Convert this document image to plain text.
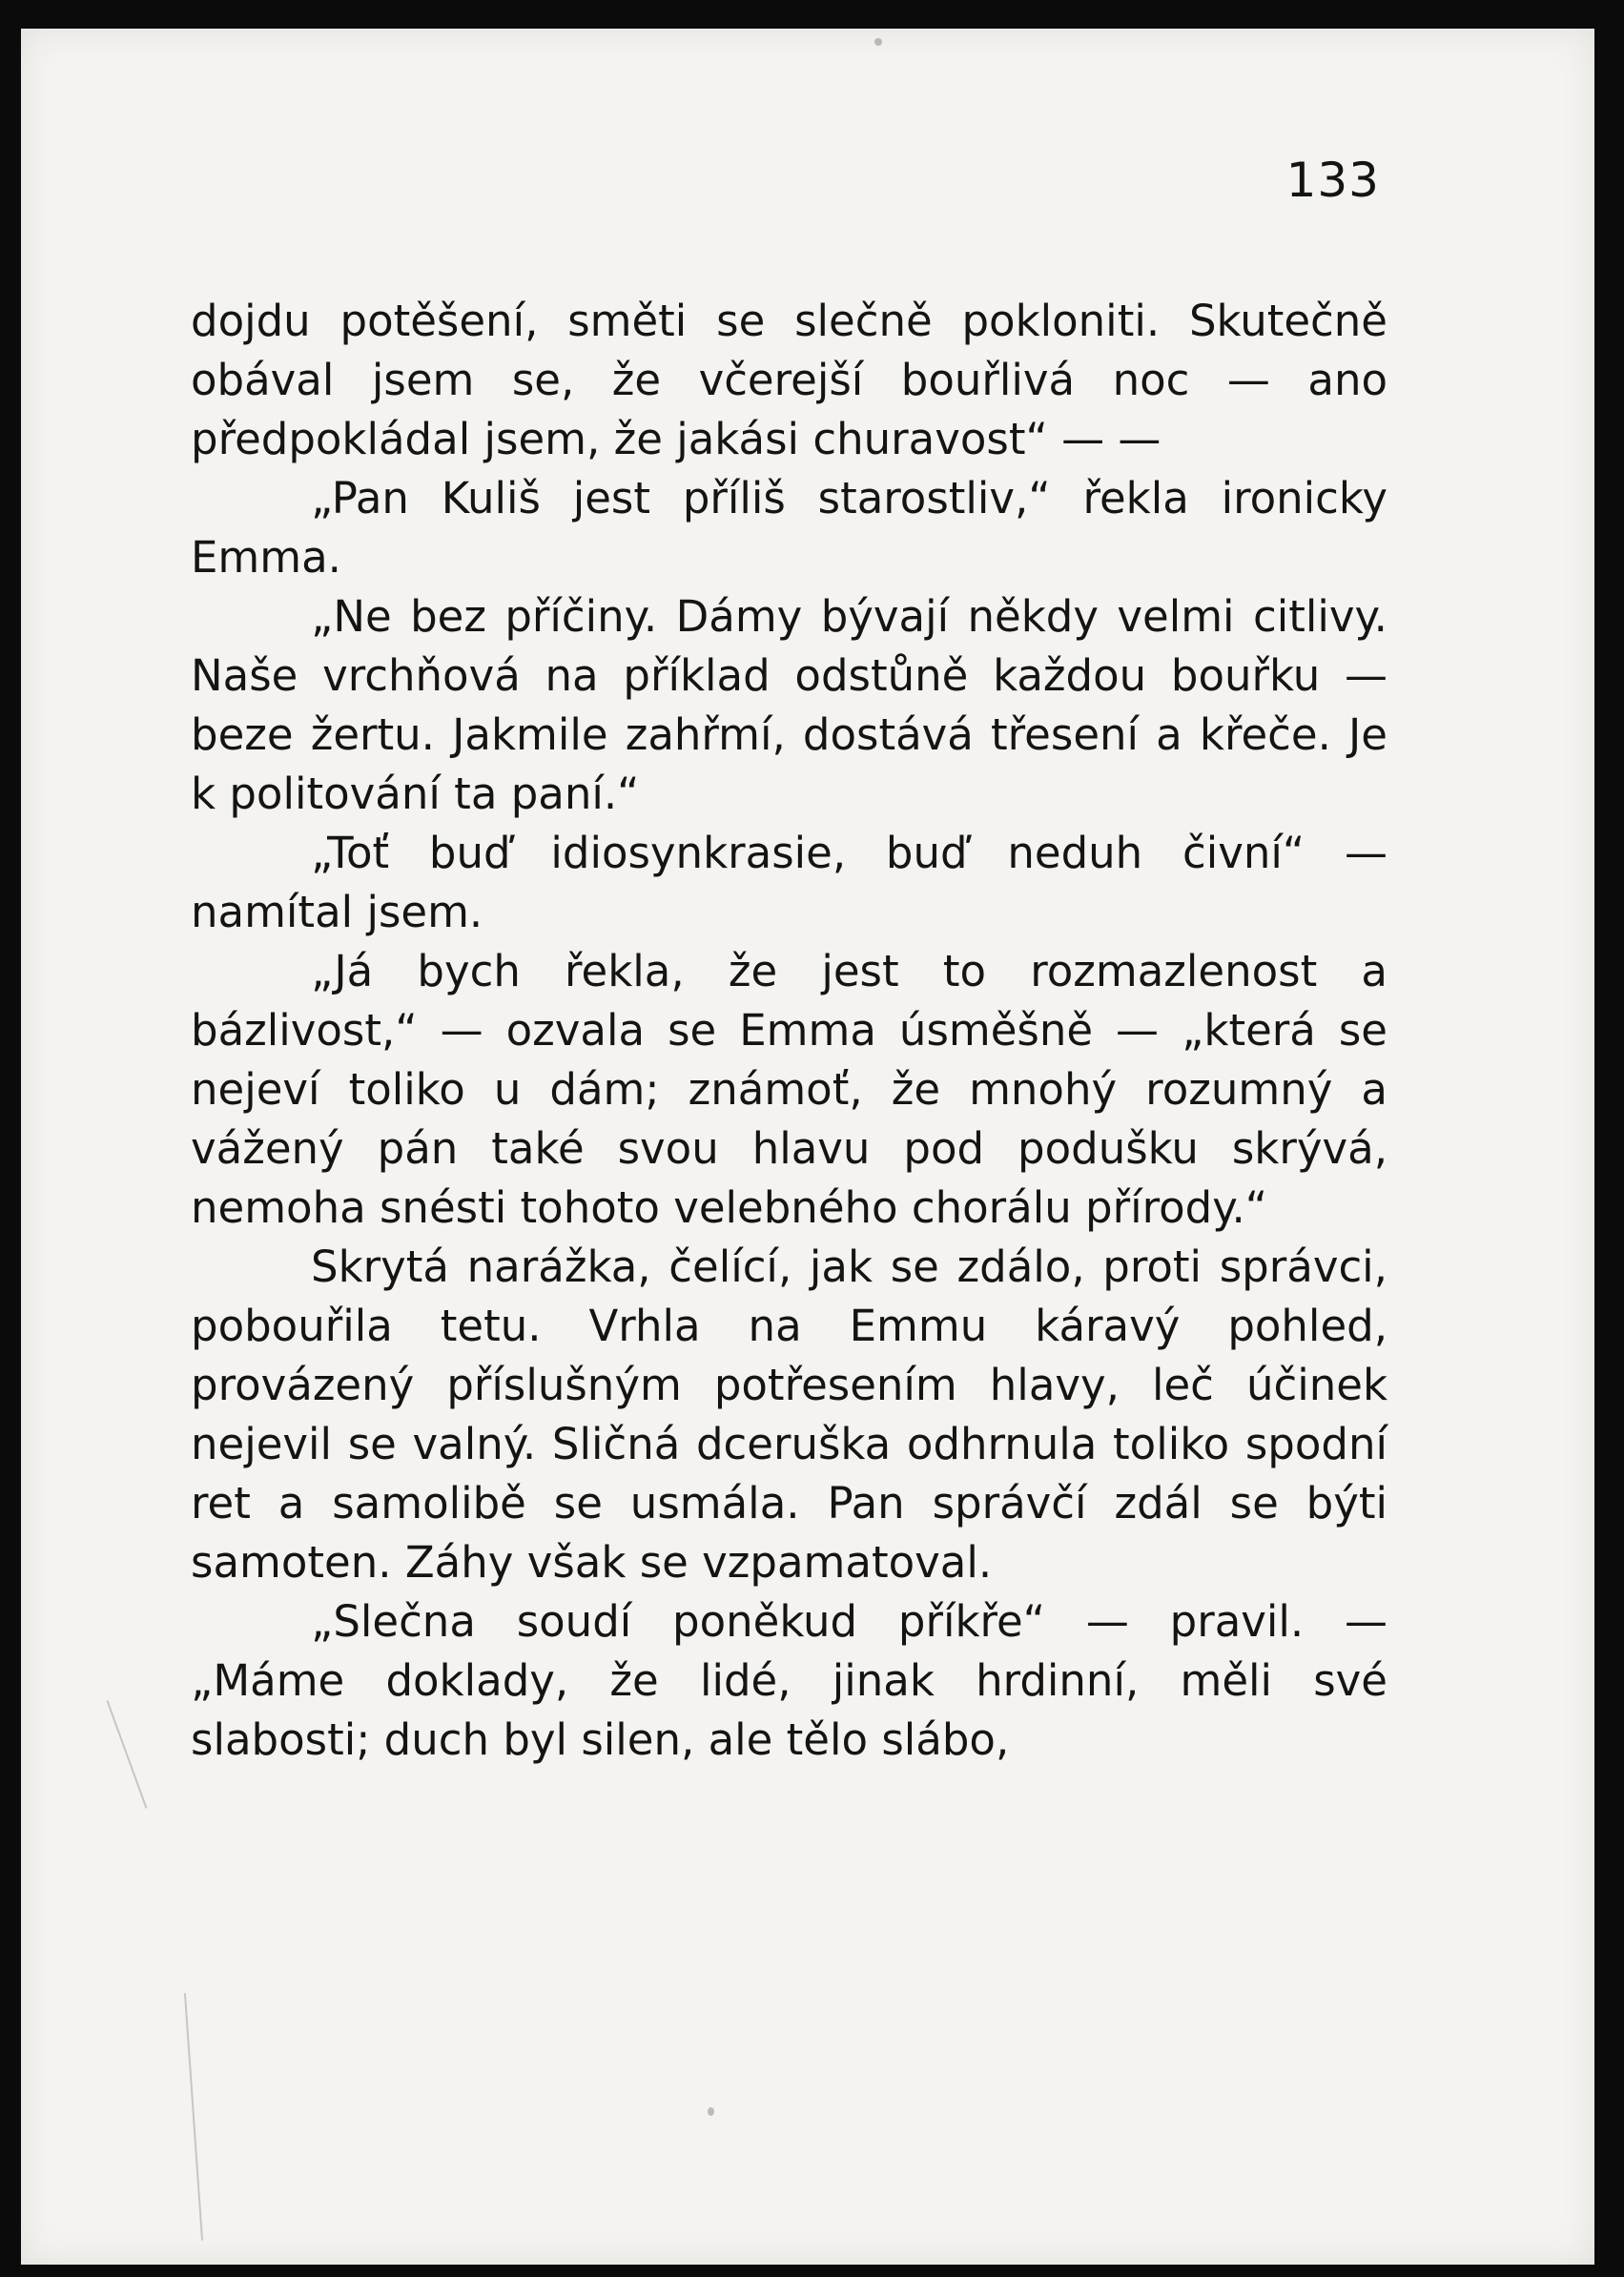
133

dojdu potěšení, směti se slečně pokloniti. Skutečně obával jsem se, že včerejší bouřlivá noc — ano předpokládal jsem, že jakási churavost“ — —

„Pan Kuliš jest příliš starostliv,“ řekla ironicky Emma.

„Ne bez příčiny. Dámy bývají někdy velmi citlivy. Naše vrchňová na příklad odstůně každou bouřku — beze žertu. Jakmile zahřmí, dostává třesení a křeče. Je k politování ta paní.“

„Toť buď idiosynkrasie, buď neduh čivní“ — namítal jsem.

„Já bych řekla, že jest to rozmazlenost a bázlivost,“ — ozvala se Emma úsměšně — „která se nejeví toliko u dám; známoť, že mnohý rozumný a vážený pán také svou hlavu pod podušku skrývá, nemoha snésti tohoto velebného chorálu přírody.“

Skrytá narážka, čelící, jak se zdálo, proti správci, pobouřila tetu. Vrhla na Emmu káravý pohled, provázený příslušným potřesením hlavy, leč účinek nejevil se valný. Sličná dceruška odhrnula toliko spodní ret a samolibě se usmála. Pan správčí zdál se býti samoten. Záhy však se vzpamatoval.

„Slečna soudí poněkud příkře“ — pravil. — „Máme doklady, že lidé, jinak hrdinní, měli své slabosti; duch byl silen, ale tělo slábo,
